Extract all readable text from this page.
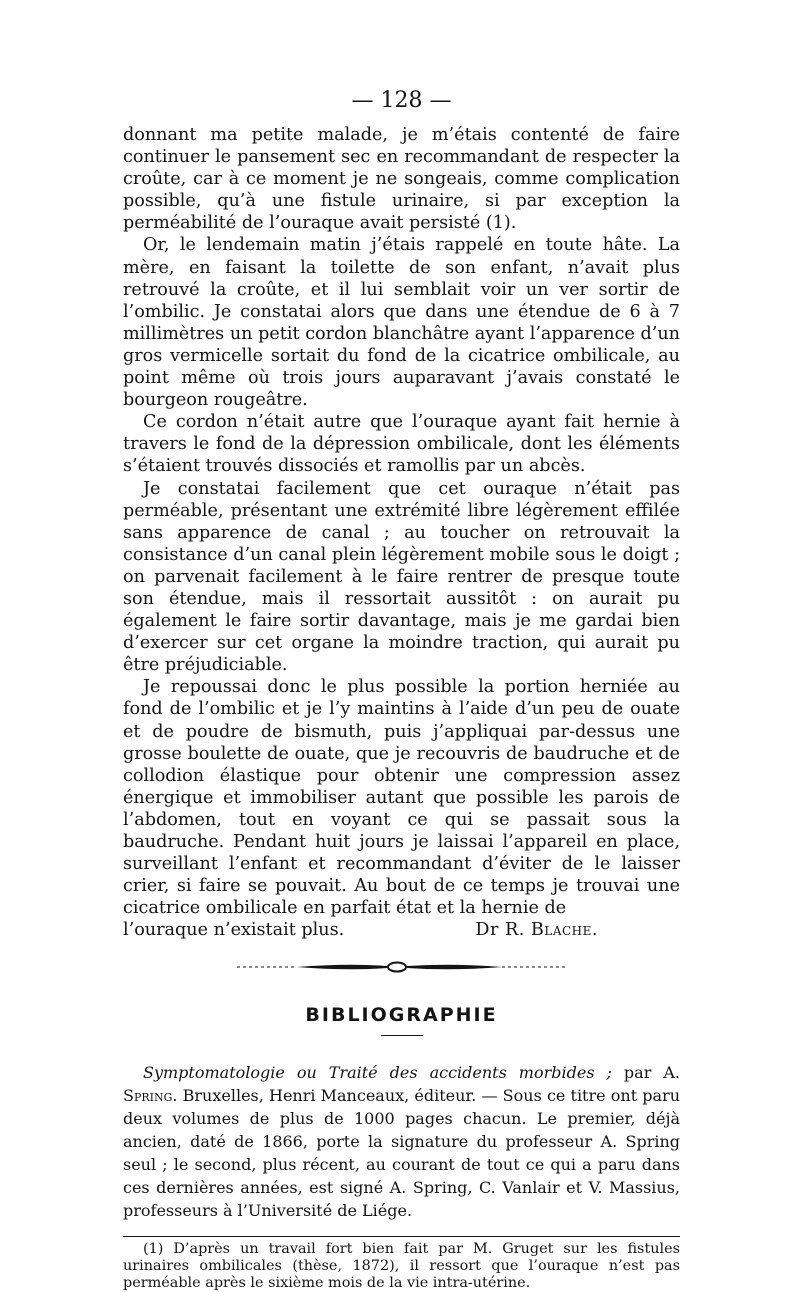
— 128 —

donnant ma petite malade, je m’étais contenté de faire continuer le pansement sec en recommandant de respecter la croûte, car à ce moment je ne songeais, comme complication possible, qu’à une fistule urinaire, si par exception la perméabilité de l’ouraque avait persisté (1).

Or, le lendemain matin j’étais rappelé en toute hâte. La mère, en faisant la toilette de son enfant, n’avait plus retrouvé la croûte, et il lui semblait voir un ver sortir de l’ombilic. Je constatai alors que dans une étendue de 6 à 7 millimètres un petit cordon blanchâtre ayant l’apparence d’un gros vermicelle sortait du fond de la cicatrice ombilicale, au point même où trois jours auparavant j’avais constaté le bourgeon rougeâtre.

Ce cordon n’était autre que l’ouraque ayant fait hernie à travers le fond de la dépression ombilicale, dont les éléments s’étaient trouvés dissociés et ramollis par un abcès.

Je constatai facilement que cet ouraque n’était pas perméable, présentant une extrémité libre légèrement effilée sans apparence de canal ; au toucher on retrouvait la consistance d’un canal plein légèrement mobile sous le doigt ; on parvenait facilement à le faire rentrer de presque toute son étendue, mais il ressortait aussitôt : on aurait pu également le faire sortir davantage, mais je me gardai bien d’exercer sur cet organe la moindre traction, qui aurait pu être préjudiciable.

Je repoussai donc le plus possible la portion herniée au fond de l’ombilic et je l’y maintins à l’aide d’un peu de ouate et de poudre de bismuth, puis j’appliquai par-dessus une grosse boulette de ouate, que je recouvris de baudruche et de collodion élastique pour obtenir une compression assez énergique et immobiliser autant que possible les parois de l’abdomen, tout en voyant ce qui se passait sous la baudruche. Pendant huit jours je laissai l’appareil en place, surveillant l’enfant et recommandant d’éviter de le laisser crier, si faire se pouvait. Au bout de ce temps je trouvai une cicatrice ombilicale en parfait état et la hernie de

l’ouraque n’existait plus.	Dr R. Blache.
BIBLIOGRAPHIE

Symptomatologie ou Traité des accidents morbides ; par A. Spring. Bruxelles, Henri Manceaux, éditeur. — Sous ce titre ont paru deux volumes de plus de 1000 pages chacun. Le premier, déjà ancien, daté de 1866, porte la signature du professeur A. Spring seul ; le second, plus récent, au courant de tout ce qui a paru dans ces dernières années, est signé A. Spring, C. Vanlair et V. Massius, professeurs à l’Université de Liége.

(1) D’après un travail fort bien fait par M. Gruget sur les fistules urinaires ombilicales (thèse, 1872), il ressort que l’ouraque n’est pas perméable après le sixième mois de la vie intra-utérine.
